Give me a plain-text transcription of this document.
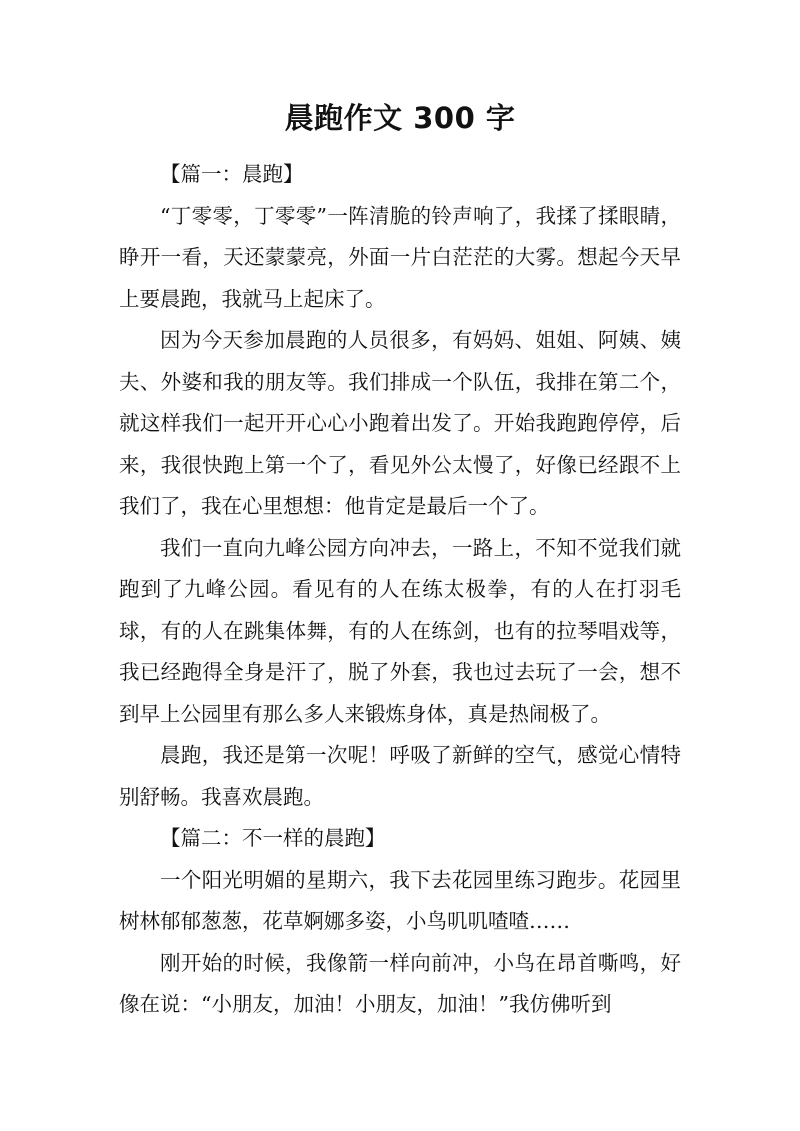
晨跑作文 300 字

【篇一：晨跑】

“丁零零，丁零零”一阵清脆的铃声响了，我揉了揉眼睛，睁开一看，天还蒙蒙亮，外面一片白茫茫的大雾。想起今天早上要晨跑，我就马上起床了。

因为今天参加晨跑的人员很多，有妈妈、姐姐、阿姨、姨夫、外婆和我的朋友等。我们排成一个队伍，我排在第二个，就这样我们一起开开心心小跑着出发了。开始我跑跑停停，后来，我很快跑上第一个了，看见外公太慢了，好像已经跟不上我们了，我在心里想想：他肯定是最后一个了。

我们一直向九峰公园方向冲去，一路上，不知不觉我们就跑到了九峰公园。看见有的人在练太极拳，有的人在打羽毛球，有的人在跳集体舞，有的人在练剑，也有的拉琴唱戏等，我已经跑得全身是汗了，脱了外套，我也过去玩了一会，想不到早上公园里有那么多人来锻炼身体，真是热闹极了。

晨跑，我还是第一次呢！呼吸了新鲜的空气，感觉心情特别舒畅。我喜欢晨跑。

【篇二：不一样的晨跑】

一个阳光明媚的星期六，我下去花园里练习跑步。花园里树林郁郁葱葱，花草婀娜多姿，小鸟叽叽喳喳……

刚开始的时候，我像箭一样向前冲，小鸟在昂首嘶鸣，好像在说：“小朋友，加油！小朋友，加油！”我仿佛听到
